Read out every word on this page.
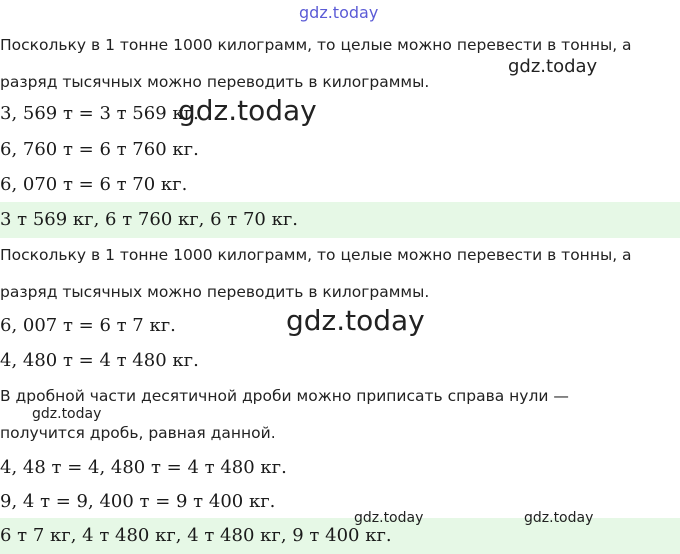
Поскольку в 1 тонне 1000 килограмм, то целые можно перевести в тонны, а
разряд тысячных можно переводить в килограммы.
3, 569 т = 3 т 569 кг.
6, 760 т = 6 т 760 кг.
6, 070 т = 6 т 70 кг.
3 т 569 кг, 6 т 760 кг, 6 т 70 кг.
Поскольку в 1 тонне 1000 килограмм, то целые можно перевести в тонны, а
разряд тысячных можно переводить в килограммы.
6, 007 т = 6 т 7 кг.
4, 480 т = 4 т 480 кг.
В дробной части десятичной дроби можно приписать справа нули —
получится дробь, равная данной.
4, 48 т = 4, 480 т = 4 т 480 кг.
9, 4 т = 9, 400 т = 9 т 400 кг.
6 т 7 кг, 4 т 480 кг, 4 т 480 кг, 9 т 400 кг.
gdz.today
gdz.today
gdz.today
gdz.today
gdz.today
gdz.today	gdz.today
